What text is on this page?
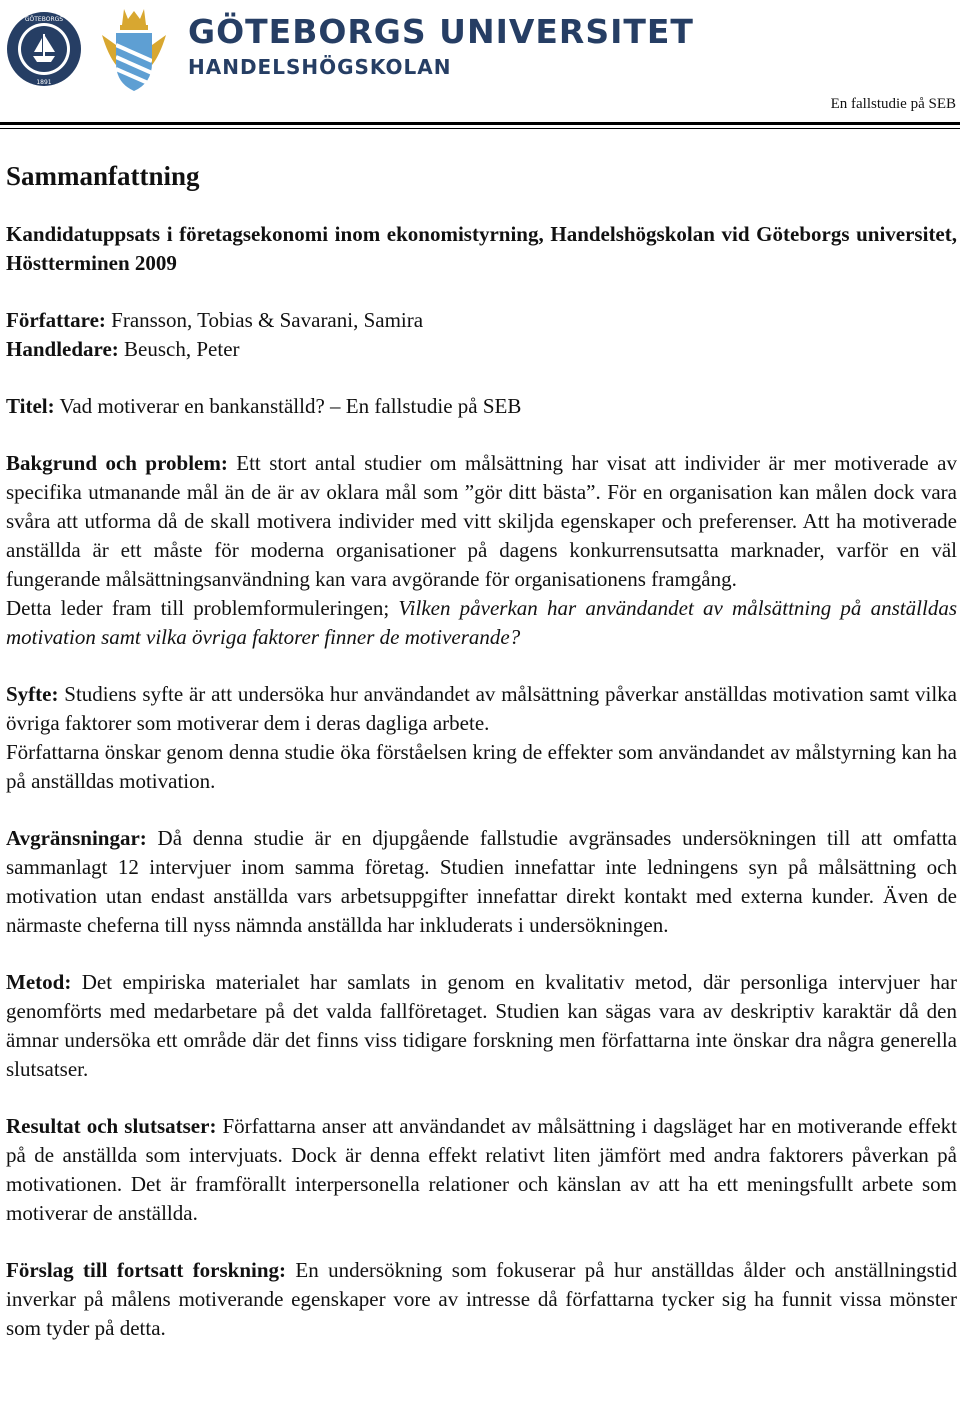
GÖTEBORGS
1891
GÖTEBORGS UNIVERSITET
HANDELSHÖGSKOLAN
En fallstudie på SEB
Sammanfattning

Kandidatuppsats i företagsekonomi inom ekonomistyrning, Handelshögskolan vid Göteborgs universitet, Höstterminen 2009

Författare: Fransson, Tobias & Savarani, Samira

Handledare: Beusch, Peter

Titel: Vad motiverar en bankanställd? – En fallstudie på SEB

Bakgrund och problem: Ett stort antal studier om målsättning har visat att individer är mer motiverade av specifika utmanande mål än de är av oklara mål som ”gör ditt bästa”. För en organisation kan målen dock vara svåra att utforma då de skall motivera individer med vitt skiljda egenskaper och preferenser. Att ha motiverade anställda är ett måste för moderna organisationer på dagens konkurrensutsatta marknader, varför en väl fungerande målsättningsanvändning kan vara avgörande för organisationens framgång.

Detta leder fram till problemformuleringen; Vilken påverkan har användandet av målsättning på anställdas motivation samt vilka övriga faktorer finner de motiverande?

Syfte: Studiens syfte är att undersöka hur användandet av målsättning påverkar anställdas motivation samt vilka övriga faktorer som motiverar dem i deras dagliga arbete.

Författarna önskar genom denna studie öka förståelsen kring de effekter som användandet av målstyrning kan ha på anställdas motivation.

Avgränsningar: Då denna studie är en djupgående fallstudie avgränsades undersökningen till att omfatta sammanlagt 12 intervjuer inom samma företag. Studien innefattar inte ledningens syn på målsättning och motivation utan endast anställda vars arbetsuppgifter innefattar direkt kontakt med externa kunder. Även de närmaste cheferna till nyss nämnda anställda har inkluderats i undersökningen.

Metod: Det empiriska materialet har samlats in genom en kvalitativ metod, där personliga intervjuer har genomförts med medarbetare på det valda fallföretaget. Studien kan sägas vara av deskriptiv karaktär då den ämnar undersöka ett område där det finns viss tidigare forskning men författarna inte önskar dra några generella slutsatser.

Resultat och slutsatser: Författarna anser att användandet av målsättning i dagsläget har en motiverande effekt på de anställda som intervjuats. Dock är denna effekt relativt liten jämfört med andra faktorers påverkan på motivationen. Det är framförallt interpersonella relationer och känslan av att ha ett meningsfullt arbete som motiverar de anställda.

Förslag till fortsatt forskning: En undersökning som fokuserar på hur anställdas ålder och anställningstid inverkar på målens motiverande egenskaper vore av intresse då författarna tycker sig ha funnit vissa mönster som tyder på detta.
